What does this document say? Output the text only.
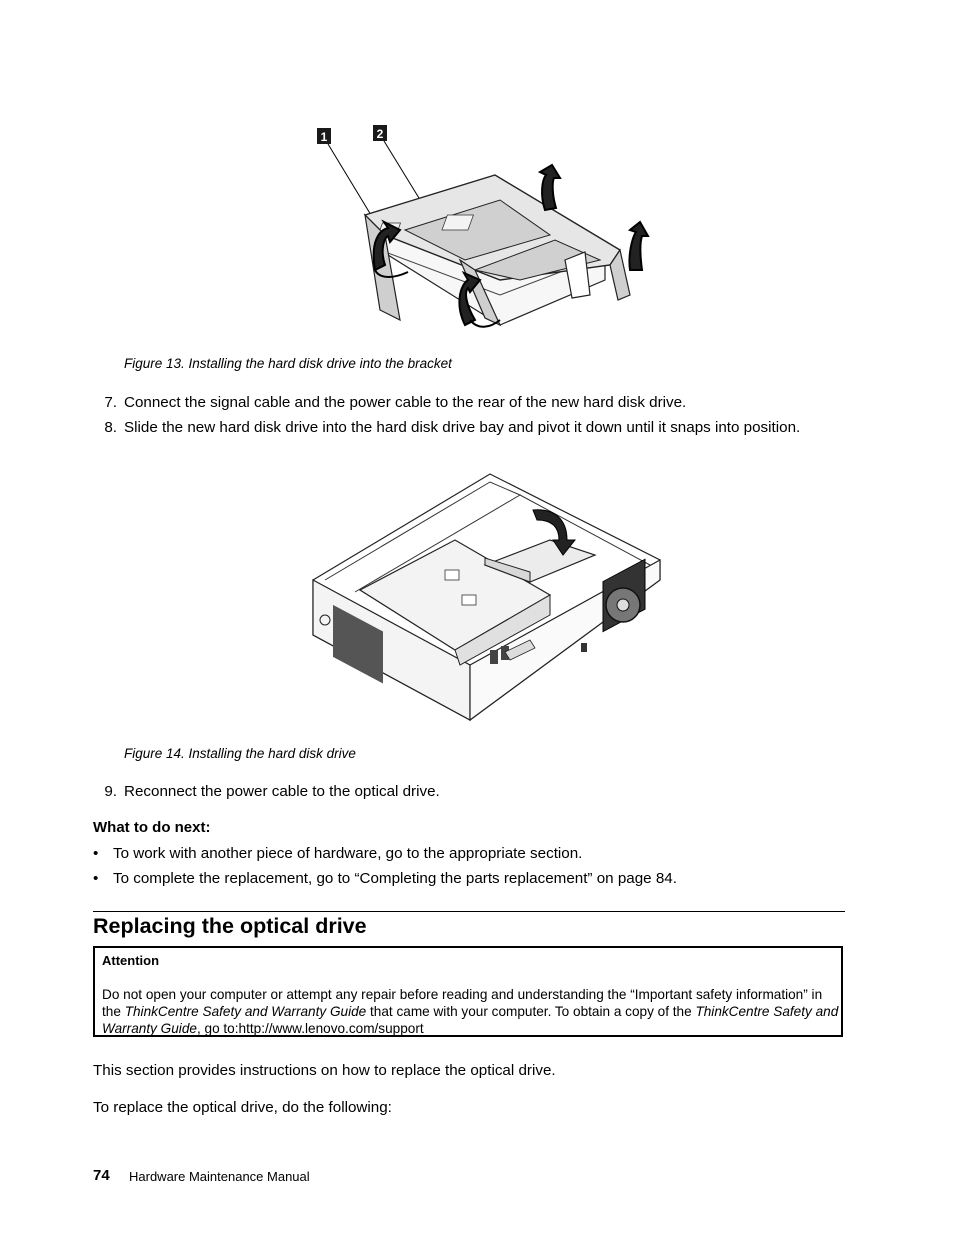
1	2
Figure 13. Installing the hard disk drive into the bracket
7. Connect the signal cable and the power cable to the rear of the new hard disk drive.
8. Slide the new hard disk drive into the hard disk drive bay and pivot it down until it snaps into position.
Figure 14. Installing the hard disk drive
9. Reconnect the power cable to the optical drive.
What to do next:
• To work with another piece of hardware, go to the appropriate section.
• To complete the replacement, go to “Completing the parts replacement” on page 84.
Replacing the optical drive
Attention
Do not open your computer or attempt any repair before reading and understanding the “Important safety information” in the ThinkCentre Safety and Warranty Guide that came with your computer. To obtain a copy of the ThinkCentre Safety and Warranty Guide, go to:http://www.lenovo.com/support
This section provides instructions on how to replace the optical drive.
To replace the optical drive, do the following:
74 Hardware Maintenance Manual
